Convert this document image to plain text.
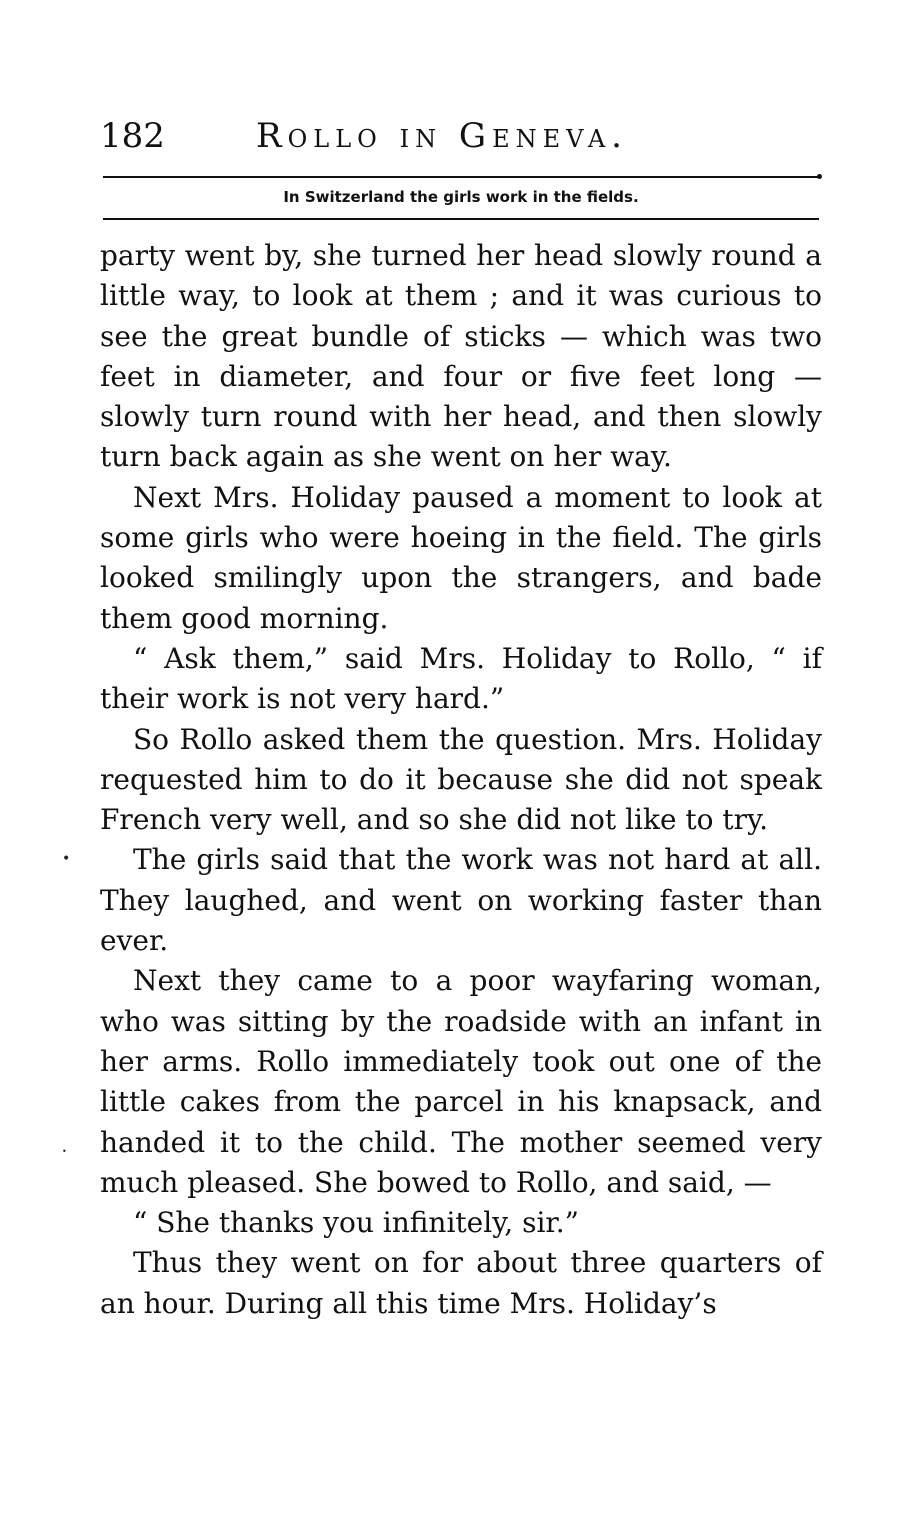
182	Rollo in Geneva.
In Switzerland the girls work in the fields.

party went by, she turned her head slowly round a little way, to look at them ; and it was curious to see the great bundle of sticks — which was two feet in diameter, and four or five feet long — slowly turn round with her head, and then slowly turn back again as she went on her way.

Next Mrs. Holiday paused a moment to look at some girls who were hoeing in the field. The girls looked smilingly upon the strangers, and bade them good morning.

“ Ask them,” said Mrs. Holiday to Rollo, “ if their work is not very hard.”

So Rollo asked them the question. Mrs. Holiday requested him to do it because she did not speak French very well, and so she did not like to try.

The girls said that the work was not hard at all. They laughed, and went on working faster than ever.

Next they came to a poor wayfaring woman, who was sitting by the roadside with an infant in her arms. Rollo immediately took out one of the little cakes from the parcel in his knapsack, and handed it to the child. The mother seemed very much pleased. She bowed to Rollo, and said, —

“ She thanks you infinitely, sir.”

Thus they went on for about three quarters of an hour. During all this time Mrs. Holiday’s

•
•
